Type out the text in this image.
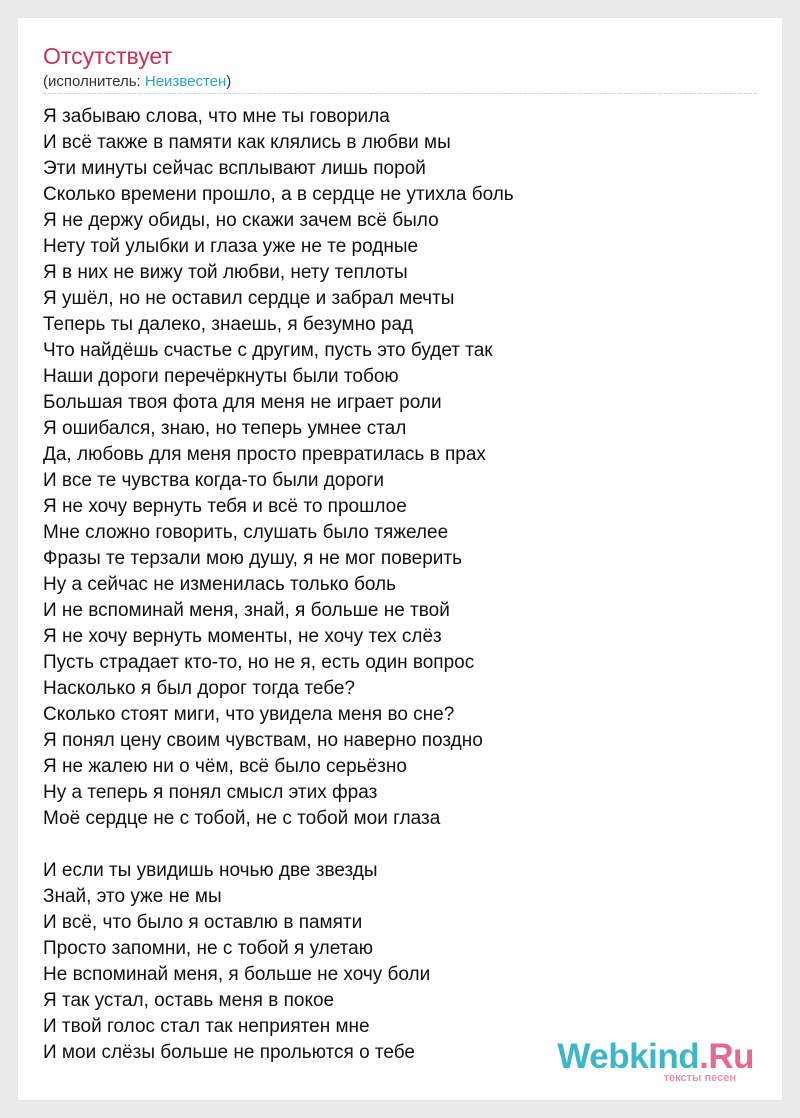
Отсутствует
(исполнитель: Неизвестен)
Я забываю слова, что мне ты говорила
И всё также в памяти как клялись в любви мы
Эти минуты сейчас всплывают лишь порой
Сколько времени прошло, а в сердце не утихла боль
Я не держу обиды, но скажи зачем всё было
Нету той улыбки и глаза уже не те родные
Я в них не вижу той любви, нету теплоты
Я ушёл, но не оставил сердце и забрал мечты
Теперь ты далеко, знаешь, я безумно рад
Что найдёшь счастье с другим, пусть это будет так
Наши дороги перечёркнуты были тобою
Большая твоя фота для меня не играет роли
Я ошибался, знаю, но теперь умнее стал
Да, любовь для меня просто превратилась в прах
И все те чувства когда-то были дороги
Я не хочу вернуть тебя и всё то прошлое
Мне сложно говорить, слушать было тяжелее
Фразы те терзали мою душу, я не мог поверить
Ну а сейчас не изменилась только боль
И не вспоминай меня, знай, я больше не твой
Я не хочу вернуть моменты, не хочу тех слёз
Пусть страдает кто-то, но не я, есть один вопрос
Насколько я был дорог тогда тебе?
Сколько стоят миги, что увидела меня во сне?
Я понял цену своим чувствам, но наверно поздно
Я не жалею ни о чём, всё было серьёзно
Ну а теперь я понял смысл этих фраз
Моё сердце не с тобой, не с тобой мои глаза
И если ты увидишь ночью две звезды
Знай, это уже не мы
И всё, что было я оставлю в памяти
Просто запомни, не с тобой я улетаю
Не вспоминай меня, я больше не хочу боли
Я так устал, оставь меня в покое
И твой голос стал так неприятен мне
И мои слёзы больше не прольются о тебе	Webkind.Ru
тексты песен
